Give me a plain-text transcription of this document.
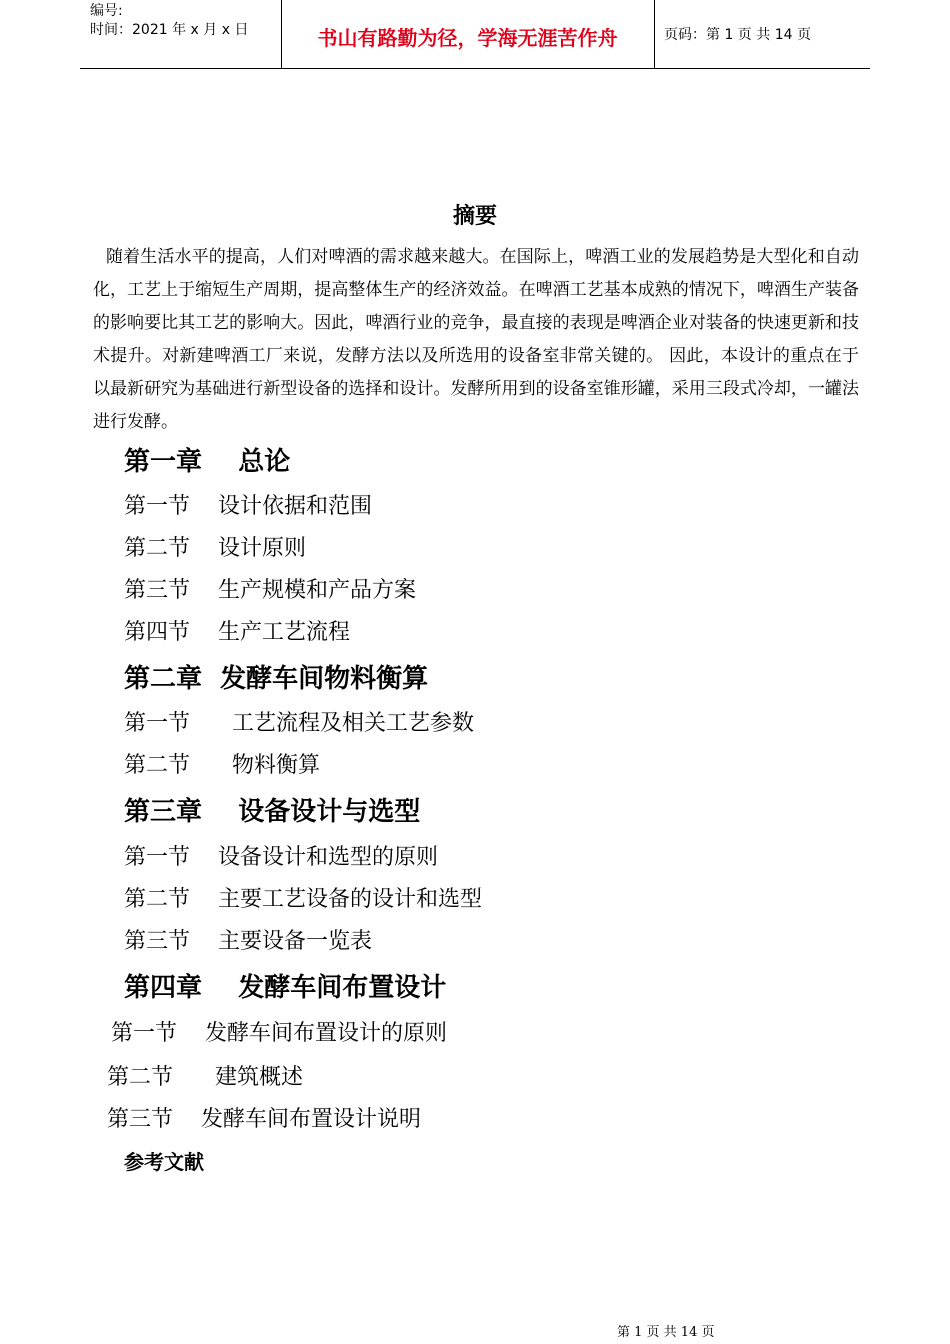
编号:
时间：2021 年 x 月 x 日	书山有路勤为径，学海无涯苦作舟	页码：第 1 页 共 14 页
摘要
随着生活水平的提高，人们对啤酒的需求越来越大。在国际上，啤酒工业的发展趋势是大型化和自动化，工艺上于缩短生产周期，提高整体生产的经济效益。在啤酒工艺基本成熟的情况下，啤酒生产装备的影响要比其工艺的影响大。因此，啤酒行业的竞争，最直接的表现是啤酒企业对装备的快速更新和技术提升。对新建啤酒工厂来说，发酵方法以及所选用的设备室非常关键的。 因此，本设计的重点在于以最新研究为基础进行新型设备的选择和设计。发酵所用到的设备室锥形罐，采用三段式冷却，一罐法进行发酵。
第一章    总论
第一节    设计依据和范围
第二节    设计原则
第三节    生产规模和产品方案
第四节    生产工艺流程
第二章  发酵车间物料衡算
第一节      工艺流程及相关工艺参数
第二节      物料衡算
第三章    设备设计与选型
第一节    设备设计和选型的原则
第二节    主要工艺设备的设计和选型
第三节    主要设备一览表
第四章    发酵车间布置设计
第一节    发酵车间布置设计的原则
第二节      建筑概述
第三节    发酵车间布置设计说明
参考文献
第 1 页 共 14 页
